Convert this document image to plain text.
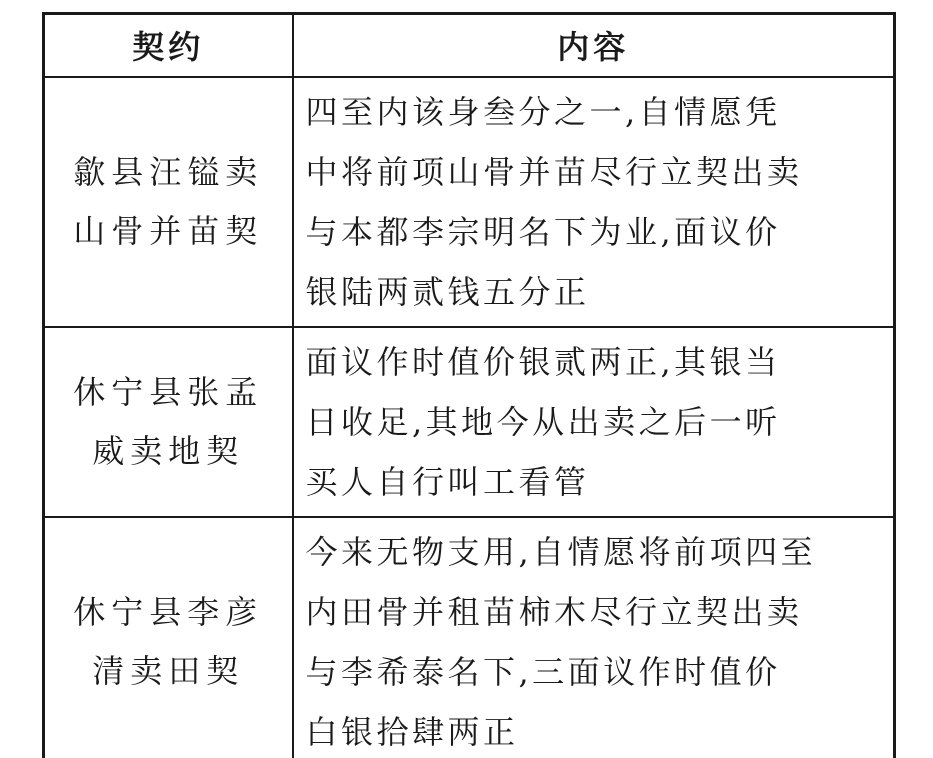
契约	内容

歙县汪镒卖
山骨并苗契	四至内该身叁分之一,自情愿凭
中将前项山骨并苗尽行立契出卖
与本都李宗明名下为业,面议价
银陆两贰钱五分正

休宁县张孟
威卖地契	面议作时值价银贰两正,其银当
日收足,其地今从出卖之后一听
买人自行叫工看管

休宁县李彦
清卖田契	今来无物支用,自情愿将前项四至
内田骨并租苗柿木尽行立契出卖
与李希泰名下,三面议作时值价
白银拾肆两正
